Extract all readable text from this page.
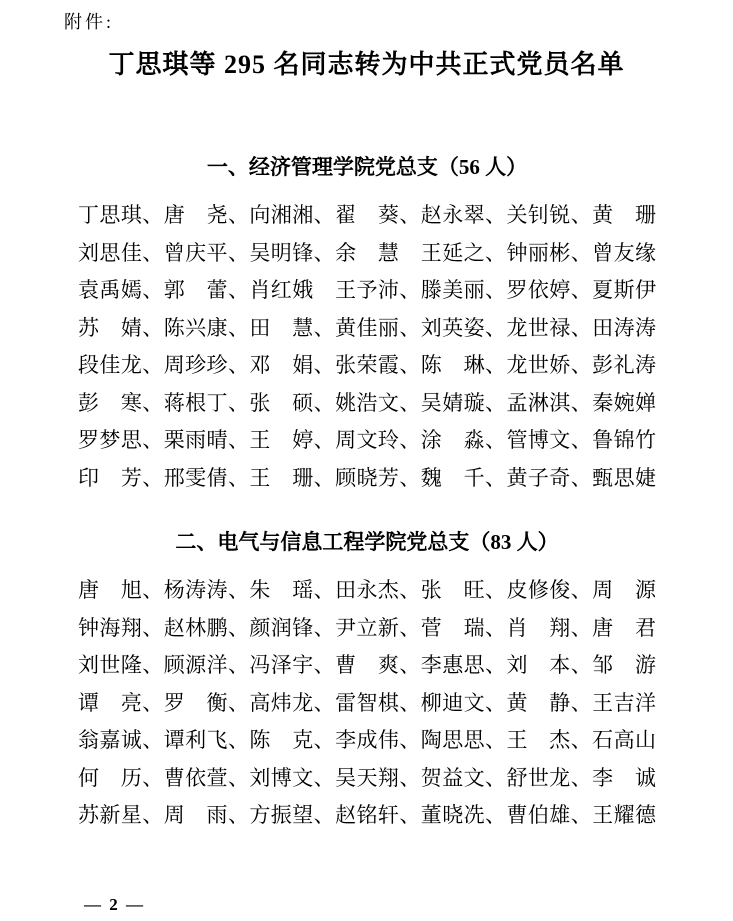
附件:
丁思琪等 295 名同志转为中共正式党员名单
一、经济管理学院党总支（56 人）
丁思琪、唐　尧、向湘湘、翟　葵、赵永翠、关钊锐、黄　珊
刘思佳、曾庆平、吴明锋、余　慧　王延之、钟丽彬、曾友缘
袁禹嫣、郭　蕾、肖红娥　王予沛、滕美丽、罗依婷、夏斯伊
苏　婧、陈兴康、田　慧、黄佳丽、刘英姿、龙世禄、田涛涛
段佳龙、周珍珍、邓　娟、张荣霞、陈　琳、龙世娇、彭礼涛
彭　寒、蒋根丁、张　硕、姚浩文、吴婧璇、孟淋淇、秦婉婵
罗梦思、栗雨晴、王　婷、周文玲、涂　淼、管博文、鲁锦竹
印　芳、邢雯倩、王　珊、顾晓芳、魏　千、黄子奇、甄思婕
二、电气与信息工程学院党总支（83 人）
唐　旭、杨涛涛、朱　瑶、田永杰、张　旺、皮修俊、周　源
钟海翔、赵林鹏、颜润锋、尹立新、菅　瑞、肖　翔、唐　君
刘世隆、顾源洋、冯泽宇、曹　爽、李惠思、刘　本、邹　游
谭　亮、罗　衡、高炜龙、雷智棋、柳迪文、黄　静、王吉洋
翁嘉诚、谭利飞、陈　克、李成伟、陶思思、王　杰、石高山
何　历、曹依萱、刘博文、吴天翔、贺益文、舒世龙、李　诚
苏新星、周　雨、方振望、赵铭轩、董晓冼、曹伯雄、王耀德
— 2 —
